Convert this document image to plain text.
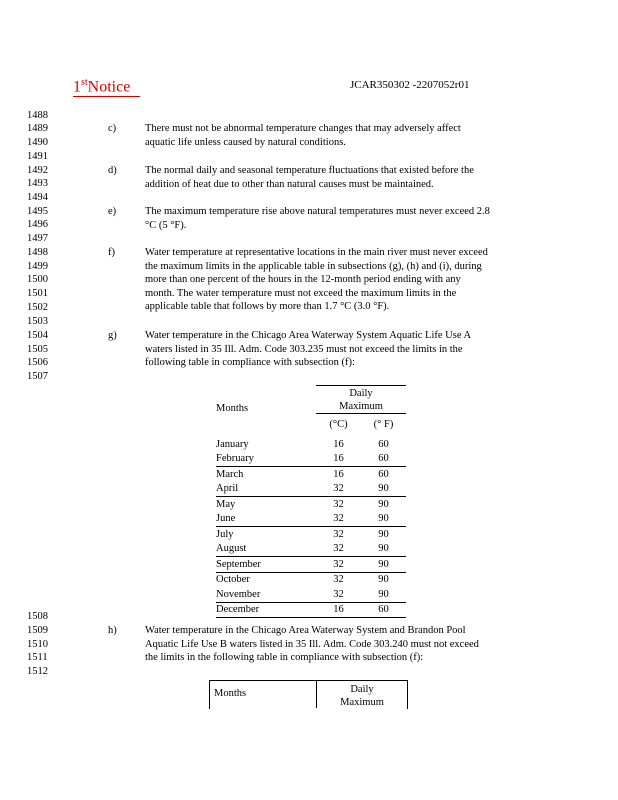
1stNotice	JCAR350302 -2207052r01
1488
1489
1490
1491
1492
1493
1494
1495
1496
1497
1498
1499
1500
1501
1502
1503
1504
1505
1506
1507
1508
1509
1510
1511
1512
c)	There must not be abnormal temperature changes that may adversely affect
aquatic life unless caused by natural conditions.
d)	The normal daily and seasonal temperature fluctuations that existed before the
addition of heat due to other than natural causes must be maintained.
e)	The maximum temperature rise above natural temperatures must never exceed 2.8
°C (5 °F).
f)	Water temperature at representative locations in the main river must never exceed
the maximum limits in the applicable table in subsections (g), (h) and (i), during
more than one percent of the hours in the 12-month period ending with any
month. The water temperature must not exceed the maximum limits in the
applicable table that follows by more than 1.7 °C (3.0 °F).
g)	Water temperature in the Chicago Area Waterway System Aquatic Life Use A
waters listed in 35 Ill. Adm. Code 303.235 must not exceed the limits in the
following table in compliance with subsection (f):
Daily
Maximum
Months
(°C)	(° F)
January	16	60
February	16	60
March	16	60
April	32	90
May	32	90
June	32	90
July	32	90
August	32	90
September	32	90
October	32	90
November	32	90
December	16	60
h)	Water temperature in the Chicago Area Waterway System and Brandon Pool
Aquatic Life Use B waters listed in 35 Ill. Adm. Code 303.240 must not exceed
the limits in the following table in compliance with subsection (f):
Months	Daily
Maximum
